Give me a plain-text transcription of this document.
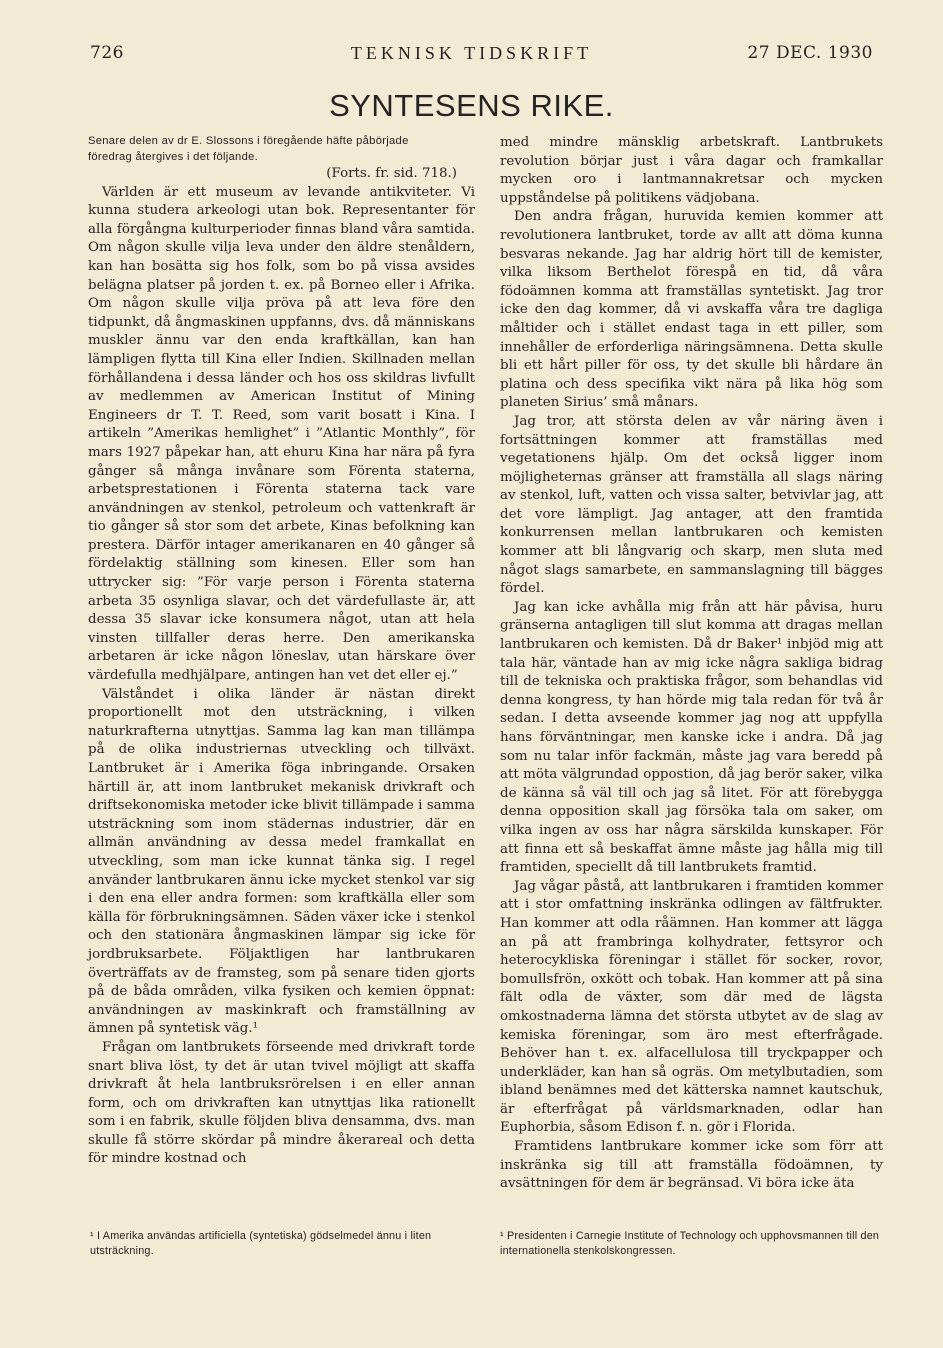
726	TEKNISK TIDSKRIFT	27 DEC. 1930
SYNTESENS RIKE.

Senare delen av dr E. Slossons i föregående häfte påbörjade föredrag återgives i det följande.

(Forts. fr. sid. 718.)

Världen är ett museum av levande antikviteter. Vi kunna studera arkeologi utan bok. Representanter för alla förgångna kulturperioder finnas bland våra samtida. Om någon skulle vilja leva under den äldre stenåldern, kan han bosätta sig hos folk, som bo på vissa avsides belägna platser på jorden t. ex. på Borneo eller i Afrika. Om någon skulle vilja pröva på att leva före den tidpunkt, då ångmaskinen uppfanns, dvs. då människans muskler ännu var den enda kraftkällan, kan han lämpligen flytta till Kina eller Indien. Skillnaden mellan förhållandena i dessa länder och hos oss skildras livfullt av medlemmen av American Institut of Mining Engineers dr T. T. Reed, som varit bosatt i Kina. I artikeln ”Amerikas hemlighet” i ”Atlantic Monthly”, för mars 1927 påpekar han, att ehuru Kina har nära på fyra gånger så många invånare som Förenta staterna, arbetsprestationen i Förenta staterna tack vare användningen av stenkol, petroleum och vattenkraft är tio gånger så stor som det arbete, Kinas befolkning kan prestera. Därför intager amerikanaren en 40 gånger så fördelaktig ställning som kinesen. Eller som han uttrycker sig: ”För varje person i Förenta staterna arbeta 35 osynliga slavar, och det värdefullaste är, att dessa 35 slavar icke konsumera något, utan att hela vinsten tillfaller deras herre. Den amerikanska arbetaren är icke någon löneslav, utan härskare över värdefulla medhjälpare, antingen han vet det eller ej.”

Välståndet i olika länder är nästan direkt proportionellt mot den utsträckning, i vilken naturkrafterna utnyttjas. Samma lag kan man tillämpa på de olika industriernas utveckling och tillväxt. Lantbruket är i Amerika föga inbringande. Orsaken härtill är, att inom lantbruket mekanisk drivkraft och driftsekonomiska metoder icke blivit tillämpade i samma utsträckning som inom städernas industrier, där en allmän användning av dessa medel framkallat en utveckling, som man icke kunnat tänka sig. I regel använder lantbrukaren ännu icke mycket stenkol var sig i den ena eller andra formen: som kraftkälla eller som källa för förbrukningsämnen. Säden växer icke i stenkol och den stationära ångmaskinen lämpar sig icke för jordbruksarbete. Följaktligen har lantbrukaren överträffats av de framsteg, som på senare tiden gjorts på de båda områden, vilka fysiken och kemien öppnat: användningen av maskinkraft och framställning av ämnen på syntetisk väg.¹

Frågan om lantbrukets förseende med drivkraft torde snart bliva löst, ty det är utan tvivel möjligt att skaffa drivkraft åt hela lantbruksrörelsen i en eller annan form, och om drivkraften kan utnyttjas lika rationellt som i en fabrik, skulle följden bliva densamma, dvs. man skulle få större skördar på mindre åkerareal och detta för mindre kostnad och

med mindre mänsklig arbetskraft. Lantbrukets revolution börjar just i våra dagar och framkallar mycken oro i lantmannakretsar och mycken uppståndelse på politikens vädjobana.

Den andra frågan, huruvida kemien kommer att revolutionera lantbruket, torde av allt att döma kunna besvaras nekande. Jag har aldrig hört till de kemister, vilka liksom Berthelot förespå en tid, då våra födoämnen komma att framställas syntetiskt. Jag tror icke den dag kommer, då vi avskaffa våra tre dagliga måltider och i stället endast taga in ett piller, som innehåller de erforderliga näringsämnena. Detta skulle bli ett hårt piller för oss, ty det skulle bli hårdare än platina och dess specifika vikt nära på lika hög som planeten Sirius’ små månars.

Jag tror, att största delen av vår näring även i fortsättningen kommer att framställas med vegetationens hjälp. Om det också ligger inom möjligheternas gränser att framställa all slags näring av stenkol, luft, vatten och vissa salter, betvivlar jag, att det vore lämpligt. Jag antager, att den framtida konkurrensen mellan lantbrukaren och kemisten kommer att bli långvarig och skarp, men sluta med något slags samarbete, en sammanslagning till bägges fördel.

Jag kan icke avhålla mig från att här påvisa, huru gränserna antagligen till slut komma att dragas mellan lantbrukaren och kemisten. Då dr Baker¹ inbjöd mig att tala här, väntade han av mig icke några sakliga bidrag till de tekniska och praktiska frågor, som behandlas vid denna kongress, ty han hörde mig tala redan för två år sedan. I detta avseende kommer jag nog att uppfylla hans förväntningar, men kanske icke i andra. Då jag som nu talar inför fackmän, måste jag vara beredd på att möta välgrundad oppostion, då jag berör saker, vilka de känna så väl till och jag så litet. För att förebygga denna opposition skall jag försöka tala om saker, om vilka ingen av oss har några särskilda kunskaper. För att finna ett så beskaffat ämne måste jag hålla mig till framtiden, speciellt då till lantbrukets framtid.

Jag vågar påstå, att lantbrukaren i framtiden kommer att i stor omfattning inskränka odlingen av fältfrukter. Han kommer att odla råämnen. Han kommer att lägga an på att frambringa kolhydrater, fettsyror och heterocykliska föreningar i stället för socker, rovor, bomullsfrön, oxkött och tobak. Han kommer att på sina fält odla de växter, som där med de lägsta omkostnaderna lämna det största utbytet av de slag av kemiska föreningar, som äro mest efterfrågade. Behöver han t. ex. alfacellulosa till tryckpapper och underkläder, kan han så ogräs. Om metylbutadien, som ibland benämnes med det kätterska namnet kautschuk, är efterfrågat på världsmarknaden, odlar han Euphorbia, såsom Edison f. n. gör i Florida.

Framtidens lantbrukare kommer icke som förr att inskränka sig till att framställa födoämnen, ty avsättningen för dem är begränsad. Vi böra icke äta

¹ I Amerika användas artificiella (syntetiska) gödselmedel ännu i liten utsträckning.
¹ Presidenten i Carnegie Institute of Technology och upphovsmannen till den internationella stenkolskongressen.
